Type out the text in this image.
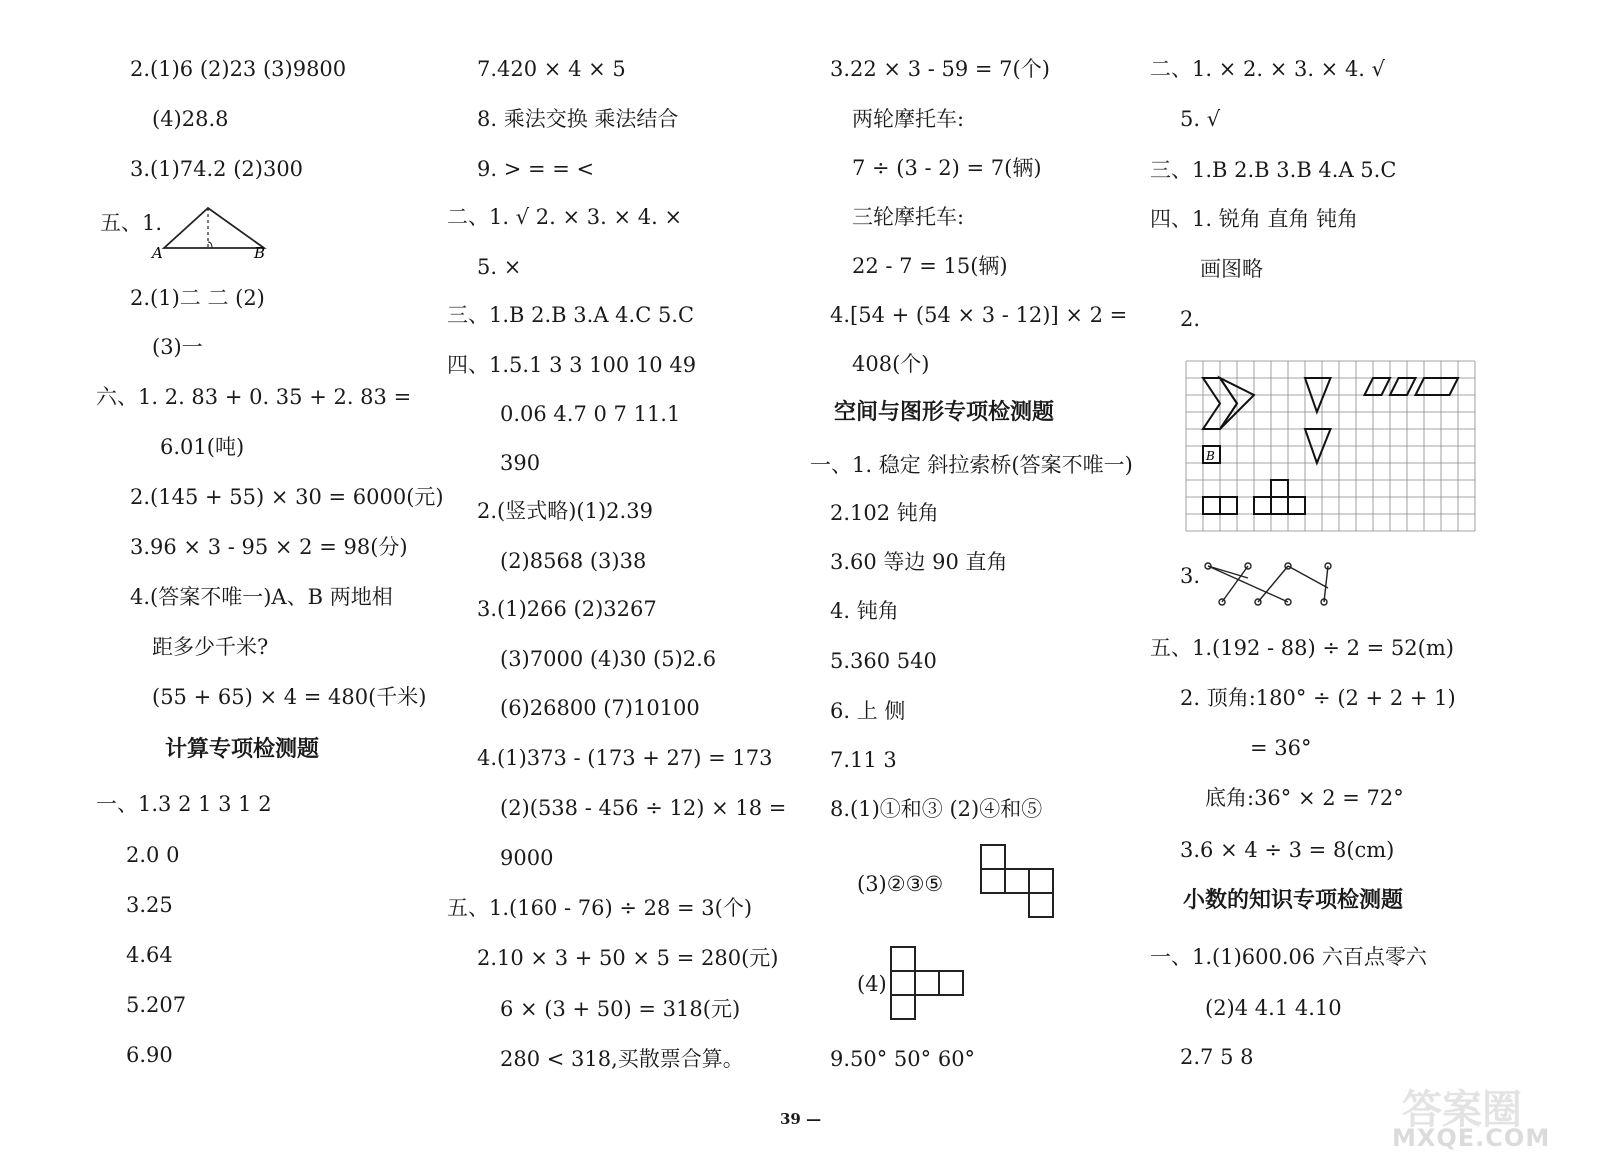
2.(1)6 (2)23 (3)9800
(4)28.8
3.(1)74.2 (2)300
五、1.
2.(1)二 二 (2)
(3)一
六、1. 2. 83 + 0. 35 + 2. 83 =
6.01(吨)
2.(145 + 55) × 30 = 6000(元)
3.96 × 3 - 95 × 2 = 98(分)
4.(答案不唯一)A、B 两地相
距多少千米?
(55 + 65) × 4 = 480(千米)
计算专项检测题
一、1.3 2 1 3 1 2
2.0 0
3.25
4.64
5.207
6.90
7.420 × 4 × 5
8. 乘法交换 乘法结合
9. > = = <
二、1. √ 2. × 3. × 4. ×
5. ×
三、1.B 2.B 3.A 4.C 5.C
四、1.5.1 3 3 100 10 49
0.06 4.7 0 7 11.1
390
2.(竖式略)(1)2.39
(2)8568 (3)38
3.(1)266 (2)3267
(3)7000 (4)30 (5)2.6
(6)26800 (7)10100
4.(1)373 - (173 + 27) = 173
(2)(538 - 456 ÷ 12) × 18 =
9000
五、1.(160 - 76) ÷ 28 = 3(个)
2.10 × 3 + 50 × 5 = 280(元)
6 × (3 + 50) = 318(元)
280 < 318,买散票合算。
3.22 × 3 - 59 = 7(个)
两轮摩托车:
7 ÷ (3 - 2) = 7(辆)
三轮摩托车:
22 - 7 = 15(辆)
4.[54 + (54 × 3 - 12)] × 2 =
408(个)
空间与图形专项检测题
一、1. 稳定 斜拉索桥(答案不唯一)
2.102 钝角
3.60 等边 90 直角
4. 钝角
5.360 540
6. 上 侧
7.11 3
8.(1)①和③ (2)④和⑤
(3)②③⑤
(4)
9.50° 50° 60°
二、1. × 2. × 3. × 4. √
5. √
三、1.B 2.B 3.B 4.A 5.C
四、1. 锐角 直角 钝角
画图略
2.
3.
五、1.(192 - 88) ÷ 2 = 52(m)
2. 顶角:180° ÷ (2 + 2 + 1)
= 36°
底角:36° × 2 = 72°
3.6 × 4 ÷ 3 = 8(cm)
小数的知识专项检测题
一、1.(1)600.06 六百点零六
(2)4 4.1 4.10
2.7 5 8
A	B
B
39 —	答案圈
MXQE.COM
